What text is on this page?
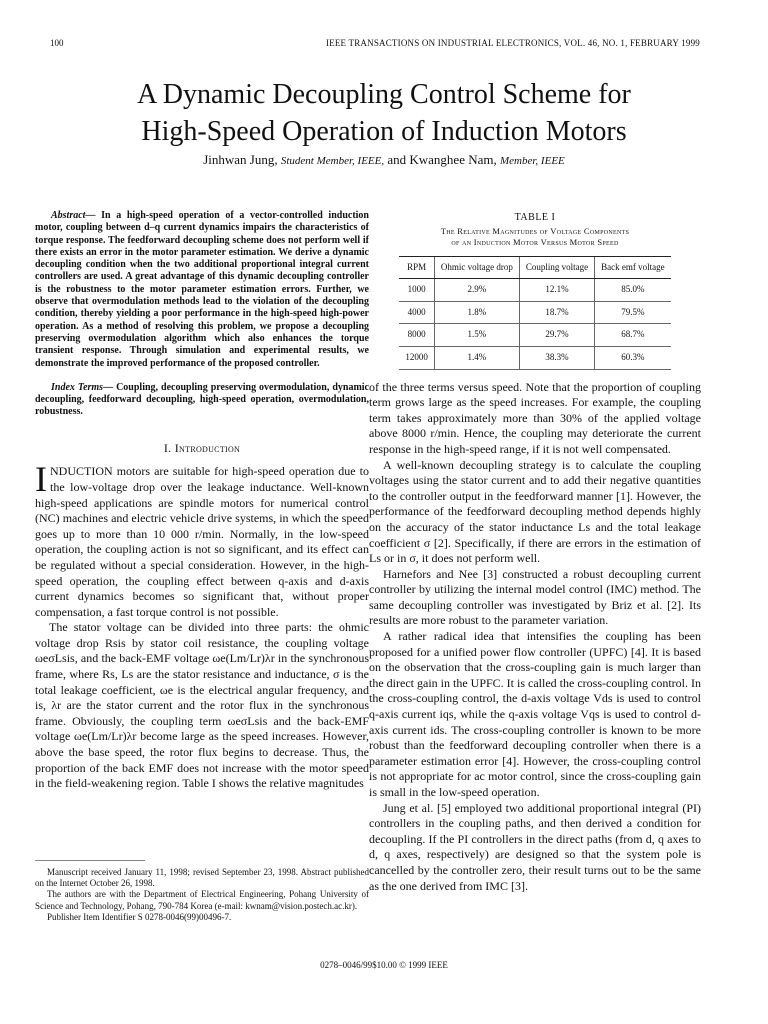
100	IEEE TRANSACTIONS ON INDUSTRIAL ELECTRONICS, VOL. 46, NO. 1, FEBRUARY 1999
A Dynamic Decoupling Control Scheme for
High-Speed Operation of Induction Motors
Jinhwan Jung, Student Member, IEEE, and Kwanghee Nam, Member, IEEE

Abstract— In a high-speed operation of a vector-controlled induction motor, coupling between d–q current dynamics impairs the characteristics of torque response. The feedforward decoupling scheme does not perform well if there exists an error in the motor parameter estimation. We derive a dynamic decoupling condition when the two additional proportional integral current controllers are used. A great advantage of this dynamic decoupling controller is the robustness to the motor parameter estimation errors. Further, we observe that overmodulation methods lead to the violation of the decoupling condition, thereby yielding a poor performance in the high-speed high-power operation. As a method of resolving this problem, we propose a decoupling preserving overmodulation algorithm which also enhances the torque transient response. Through simulation and experimental results, we demonstrate the improved performance of the proposed controller.

Index Terms— Coupling, decoupling preserving overmodulation, dynamic decoupling, feedforward decoupling, high-speed operation, overmodulation, robustness.

I. Introduction

INDUCTION motors are suitable for high-speed operation due to the low-voltage drop over the leakage inductance. Well-known high-speed applications are spindle motors for numerical control (NC) machines and electric vehicle drive systems, in which the speed goes up to more than 10 000 r/min. Normally, in the low-speed operation, the coupling action is not so significant, and its effect can be regulated without a special consideration. However, in the high-speed operation, the coupling effect between q-axis and d-axis current dynamics becomes so significant that, without proper compensation, a fast torque control is not possible.

The stator voltage can be divided into three parts: the ohmic voltage drop Rsis by stator coil resistance, the coupling voltage ωeσLsis, and the back-EMF voltage ωe(Lm/Lr)λr in the synchronous frame, where Rs, Ls are the stator resistance and inductance, σ is the total leakage coefficient, ωe is the electrical angular frequency, and is, λr are the stator current and the rotor flux in the synchronous frame. Obviously, the coupling term ωeσLsis and the back-EMF voltage ωe(Lm/Lr)λr become large as the speed increases. However, above the base speed, the rotor flux begins to decrease. Thus, the proportion of the back EMF does not increase with the motor speed in the field-weakening region. Table I shows the relative magnitudes

Manuscript received January 11, 1998; revised September 23, 1998. Abstract published on the Internet October 26, 1998.

The authors are with the Department of Electrical Engineering, Pohang University of Science and Technology, Pohang, 790-784 Korea (e-mail: kwnam@vision.postech.ac.kr).

Publisher Item Identifier S 0278-0046(99)00496-7.

TABLE I
The Relative Magnitudes of Voltage Components
of an Induction Motor Versus Motor Speed
RPM	Ohmic voltage drop	Coupling voltage	Back emf voltage
1000	2.9%	12.1%	85.0%
4000	1.8%	18.7%	79.5%
8000	1.5%	29.7%	68.7%
12000	1.4%	38.3%	60.3%

of the three terms versus speed. Note that the proportion of coupling term grows large as the speed increases. For example, the coupling term takes approximately more than 30% of the applied voltage above 8000 r/min. Hence, the coupling may deteriorate the current response in the high-speed range, if it is not well compensated.

A well-known decoupling strategy is to calculate the coupling voltages using the stator current and to add their negative quantities to the controller output in the feedforward manner [1]. However, the performance of the feedforward decoupling method depends highly on the accuracy of the stator inductance Ls and the total leakage coefficient σ [2]. Specifically, if there are errors in the estimation of Ls or in σ, it does not perform well.

Harnefors and Nee [3] constructed a robust decoupling current controller by utilizing the internal model control (IMC) method. The same decoupling controller was investigated by Briz et al. [2]. Its results are more robust to the parameter variation.

A rather radical idea that intensifies the coupling has been proposed for a unified power flow controller (UPFC) [4]. It is based on the observation that the cross-coupling gain is much larger than the direct gain in the UPFC. It is called the cross-coupling control. In the cross-coupling control, the d-axis voltage Vds is used to control q-axis current iqs, while the q-axis voltage Vqs is used to control d-axis current ids. The cross-coupling controller is known to be more robust than the feedforward decoupling controller when there is a parameter estimation error [4]. However, the cross-coupling control is not appropriate for ac motor control, since the cross-coupling gain is small in the low-speed operation.

Jung et al. [5] employed two additional proportional integral (PI) controllers in the coupling paths, and then derived a condition for decoupling. If the PI controllers in the direct paths (from d, q axes to d, q axes, respectively) are designed so that the system pole is cancelled by the controller zero, their result turns out to be the same as the one derived from IMC [3].

0278–0046/99$10.00 © 1999 IEEE
